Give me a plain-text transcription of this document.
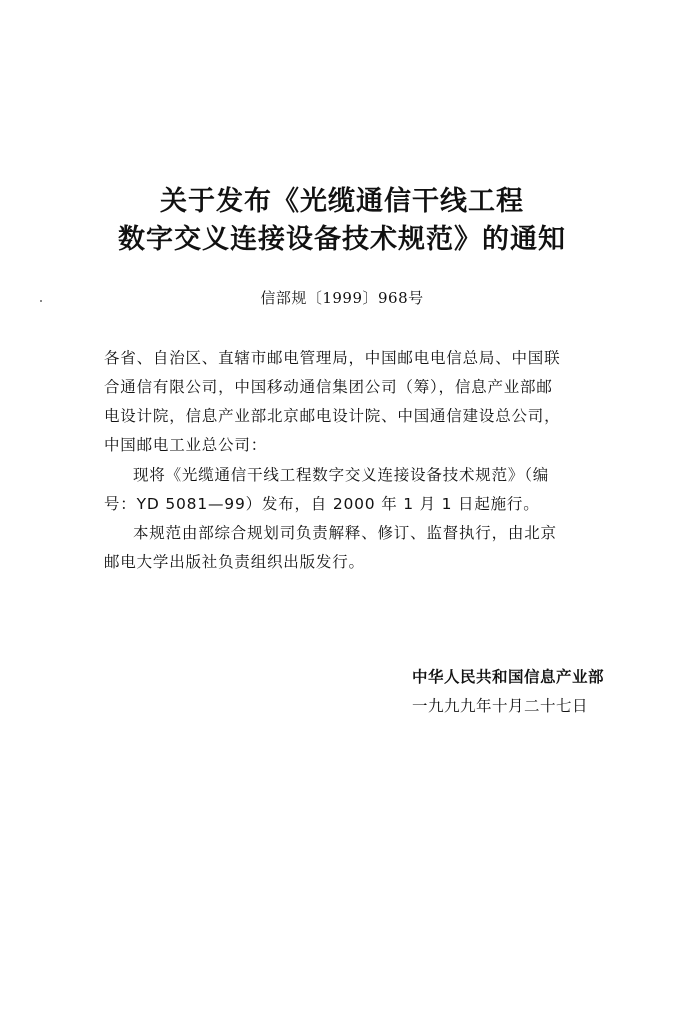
关于发布《光缆通信干线工程
数字交义连接设备技术规范》的通知
信部规〔1999〕968号
各省、自治区、直辖市邮电管理局，中国邮电电信总局、中国联
合通信有限公司，中国移动通信集团公司（筹），信息产业部邮
电设计院，信息产业部北京邮电设计院、中国通信建设总公司，
中国邮电工业总公司：
现将《光缆通信干线工程数字交义连接设备技术规范》（编
号：YD 5081—99）发布，自 2000 年 1 月 1 日起施行。
本规范由部综合规划司负责解释、修订、监督执行，由北京
邮电大学出版社负责组织出版发行。
中华人民共和国信息产业部
一九九九年十月二十七日
